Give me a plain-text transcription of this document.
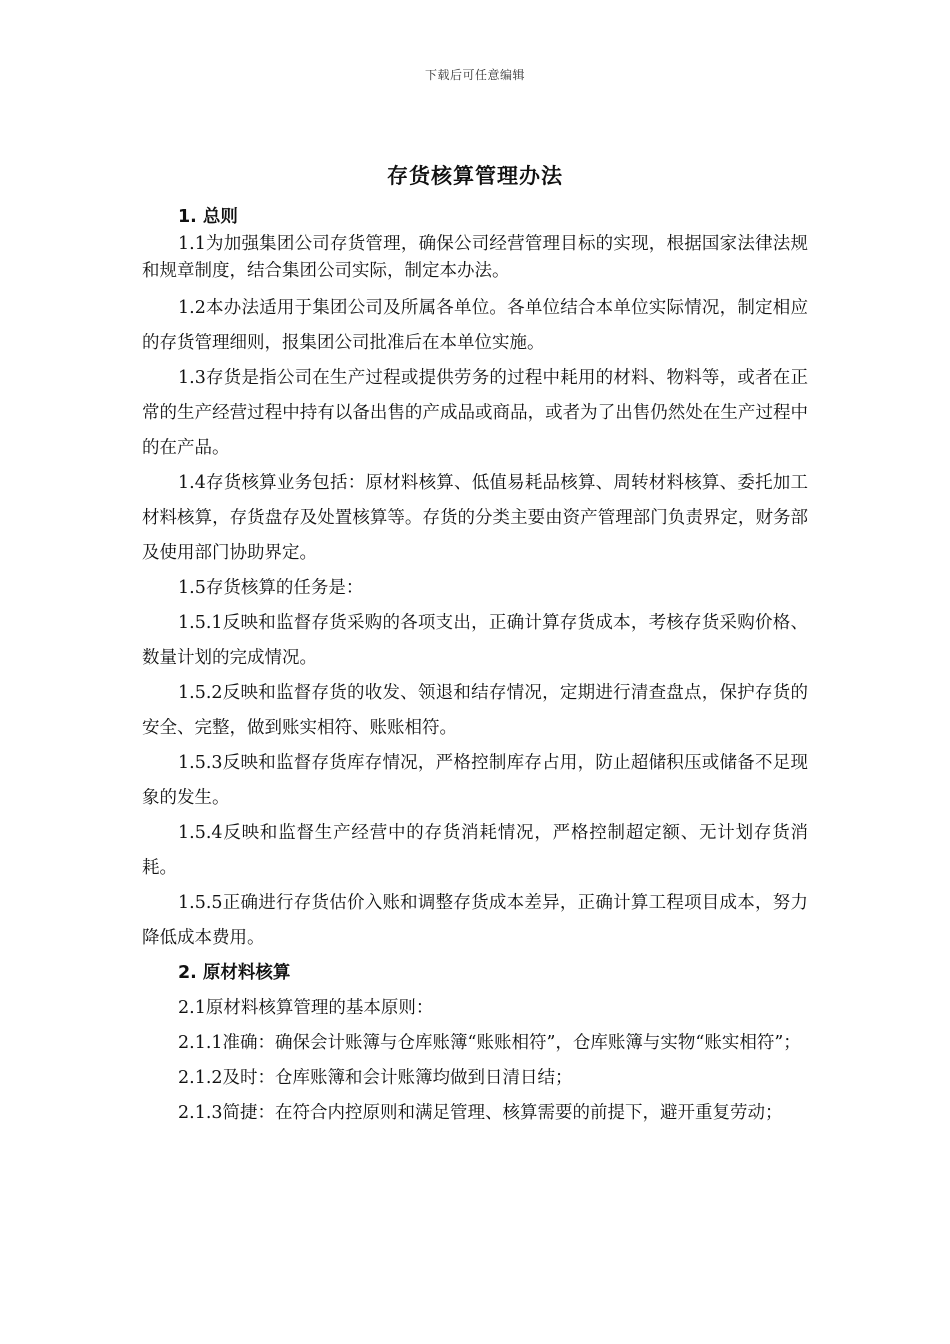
下载后可任意编辑
存货核算管理办法

1. 总则

1.1为加强集团公司存货管理，确保公司经营管理目标的实现，根据国家法律法规和规章制度，结合集团公司实际，制定本办法。

1.2本办法适用于集团公司及所属各单位。各单位结合本单位实际情况，制定相应的存货管理细则，报集团公司批准后在本单位实施。

1.3存货是指公司在生产过程或提供劳务的过程中耗用的材料、物料等，或者在正常的生产经营过程中持有以备出售的产成品或商品，或者为了出售仍然处在生产过程中的在产品。

1.4存货核算业务包括：原材料核算、低值易耗品核算、周转材料核算、委托加工材料核算，存货盘存及处置核算等。存货的分类主要由资产管理部门负责界定，财务部及使用部门协助界定。

1.5存货核算的任务是：

1.5.1反映和监督存货采购的各项支出，正确计算存货成本，考核存货采购价格、数量计划的完成情况。

1.5.2反映和监督存货的收发、领退和结存情况，定期进行清查盘点，保护存货的安全、完整，做到账实相符、账账相符。

1.5.3反映和监督存货库存情况，严格控制库存占用，防止超储积压或储备不足现象的发生。

1.5.4反映和监督生产经营中的存货消耗情况，严格控制超定额、无计划存货消耗。

1.5.5正确进行存货估价入账和调整存货成本差异，正确计算工程项目成本，努力降低成本费用。

2. 原材料核算

2.1原材料核算管理的基本原则：

2.1.1准确：确保会计账簿与仓库账簿“账账相符”，仓库账簿与实物“账实相符”；

2.1.2及时：仓库账簿和会计账簿均做到日清日结；

2.1.3简捷：在符合内控原则和满足管理、核算需要的前提下，避开重复劳动；
